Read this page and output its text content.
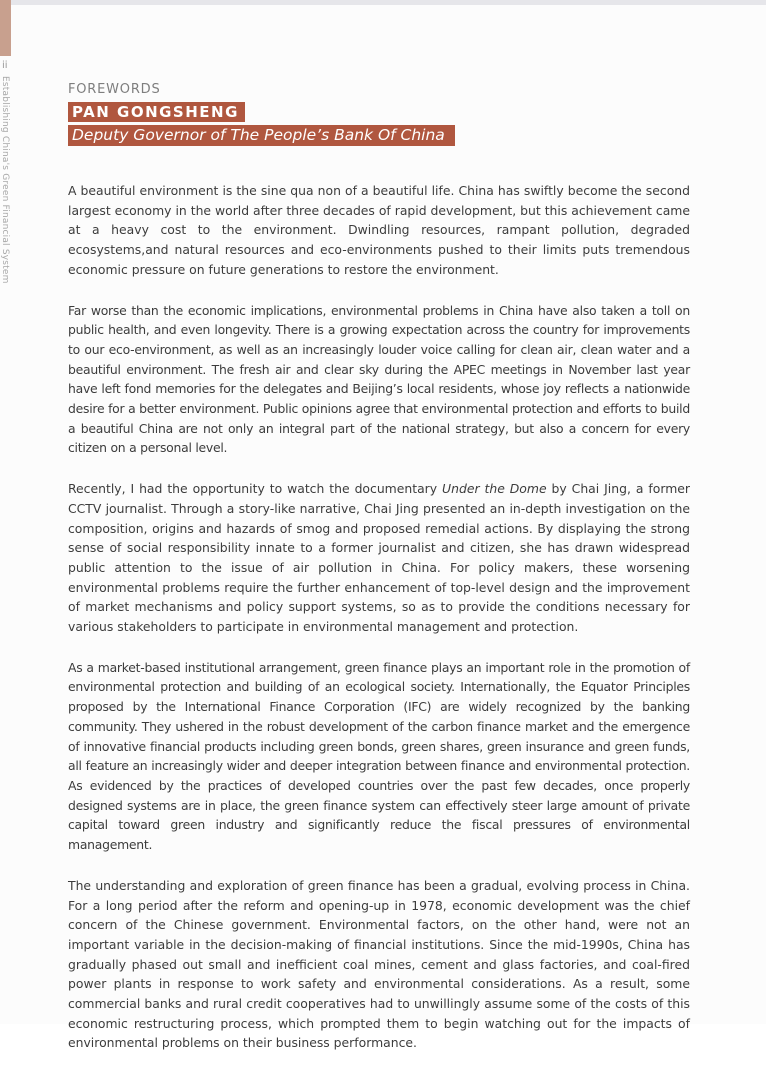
ii
Establishing China's Green Financial System	FOREWORDS
PAN GONGSHENG
Deputy Governor of The People’s Bank Of China

A beautiful environment is the sine qua non of a beautiful life. China has swiftly become the second largest economy in the world after three decades of rapid development, but this achievement came at a heavy cost to the environment. Dwindling resources, rampant pollution, degraded ecosystems,and natural resources and eco-environments pushed to their limits puts tremendous economic pressure on future generations to restore the environment.

Far worse than the economic implications, environmental problems in China have also taken a toll on public health, and even longevity. There is a growing expectation across the country for improvements to our eco-environment, as well as an increasingly louder voice calling for clean air, clean water and a beautiful environment. The fresh air and clear sky during the APEC meetings in November last year have left fond memories for the delegates and Beijing’s local residents, whose joy reflects a nationwide desire for a better environment. Public opinions agree that environmental protection and efforts to build a beautiful China are not only an integral part of the national strategy, but also a concern for every citizen on a personal level.

Recently, I had the opportunity to watch the documentary Under the Dome by Chai Jing, a former CCTV journalist. Through a story-like narrative, Chai Jing presented an in-depth investigation on the composition, origins and hazards of smog and proposed remedial actions. By displaying the strong sense of social responsibility innate to a former journalist and citizen, she has drawn widespread public attention to the issue of air pollution in China. For policy makers, these worsening environmental problems require the further enhancement of top-level design and the improvement of market mechanisms and policy support systems, so as to provide the conditions necessary for various stakeholders to participate in environmental management and protection.

As a market-based institutional arrangement, green finance plays an important role in the promotion of environmental protection and building of an ecological society. Internationally, the Equator Principles proposed by the International Finance Corporation (IFC) are widely recognized by the banking community. They ushered in the robust development of the carbon finance market and the emergence of innovative financial products including green bonds, green shares, green insurance and green funds, all feature an increasingly wider and deeper integration between finance and environmental protection. As evidenced by the practices of developed countries over the past few decades, once properly designed systems are in place, the green finance system can effectively steer large amount of private capital toward green industry and significantly reduce the fiscal pressures of environmental management.

The understanding and exploration of green finance has been a gradual, evolving process in China. For a long period after the reform and opening-up in 1978, economic development was the chief concern of the Chinese government. Environmental factors, on the other hand, were not an important variable in the decision-making of financial institutions. Since the mid-1990s, China has gradually phased out small and inefficient coal mines, cement and glass factories, and coal-fired power plants in response to work safety and environmental considerations. As a result, some commercial banks and rural credit cooperatives had to unwillingly assume some of the costs of this economic restructuring process, which prompted them to begin watching out for the impacts of environmental problems on their business performance.
